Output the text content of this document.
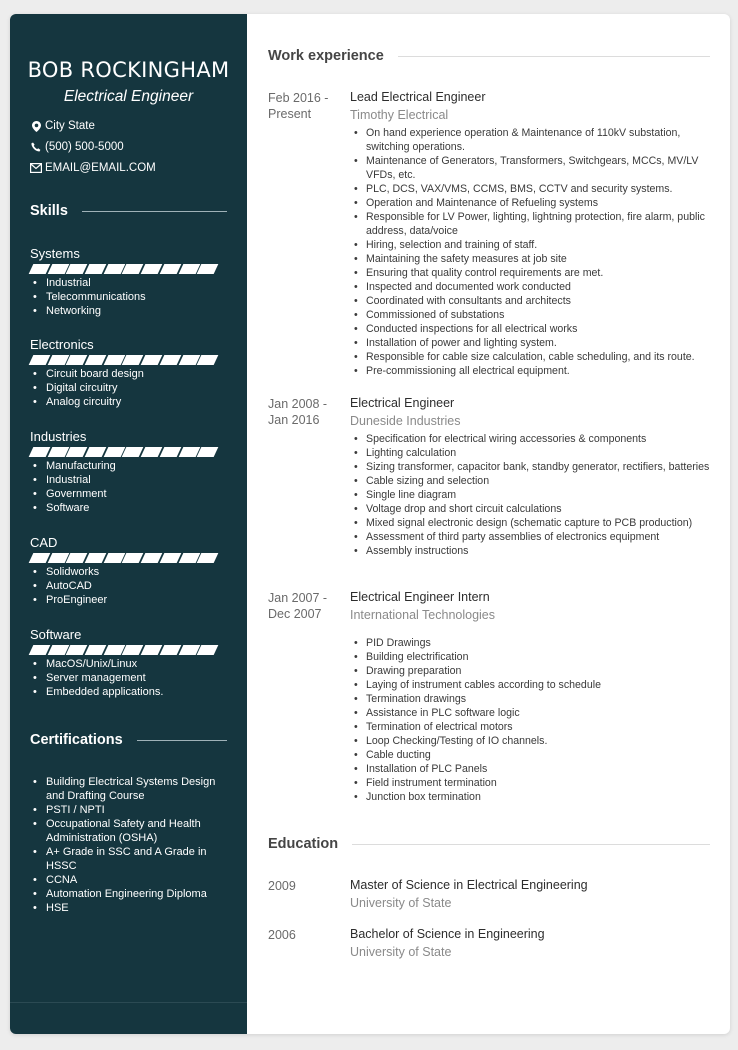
BOB ROCKINGHAM
Electrical Engineer
City State
(500) 500-5000
EMAIL@EMAIL.COM
Skills
Systems
• Industrial
• Telecommunications
• Networking
Electronics
• Circuit board design
• Digital circuitry
• Analog circuitry
Industries
• Manufacturing
• Industrial
• Government
• Software
CAD
• Solidworks
• AutoCAD
• ProEngineer
Software
• MacOS/Unix/Linux
• Server management
• Embedded applications.
Certifications
• Building Electrical Systems Design and Drafting Course
• PSTI / NPTI
• Occupational Safety and Health Administration (OSHA)
• A+ Grade in SSC and A Grade in HSSC
• CCNA
• Automation Engineering Diploma
• HSE
Work experience
Feb 2016 -
Present
Lead Electrical Engineer
Timothy Electrical
• On hand experience operation & Maintenance of 110kV substation, switching operations.
• Maintenance of Generators, Transformers, Switchgears, MCCs, MV/LV VFDs, etc.
• PLC, DCS, VAX/VMS, CCMS, BMS, CCTV and security systems.
• Operation and Maintenance of Refueling systems
• Responsible for LV Power, lighting, lightning protection, fire alarm, public address, data/voice
• Hiring, selection and training of staff.
• Maintaining the safety measures at job site
• Ensuring that quality control requirements are met.
• Inspected and documented work conducted
• Coordinated with consultants and architects
• Commissioned of substations
• Conducted inspections for all electrical works
• Installation of power and lighting system.
• Responsible for cable size calculation, cable scheduling, and its route.
• Pre-commissioning all electrical equipment.
Jan 2008 -
Jan 2016
Electrical Engineer
Duneside Industries
• Specification for electrical wiring accessories & components
• Lighting calculation
• Sizing transformer, capacitor bank, standby generator, rectifiers, batteries
• Cable sizing and selection
• Single line diagram
• Voltage drop and short circuit calculations
• Mixed signal electronic design (schematic capture to PCB production)
• Assessment of third party assemblies of electronics equipment
• Assembly instructions
Jan 2007 -
Dec 2007
Electrical Engineer Intern
International Technologies
• PID Drawings
• Building electrification
• Drawing preparation
• Laying of instrument cables according to schedule
• Termination drawings
• Assistance in PLC software logic
• Termination of electrical motors
• Loop Checking/Testing of IO channels.
• Cable ducting
• Installation of PLC Panels
• Field instrument termination
• Junction box termination
Education
2009	Master of Science in Electrical Engineering
University of State
2006	Bachelor of Science in Engineering
University of State
